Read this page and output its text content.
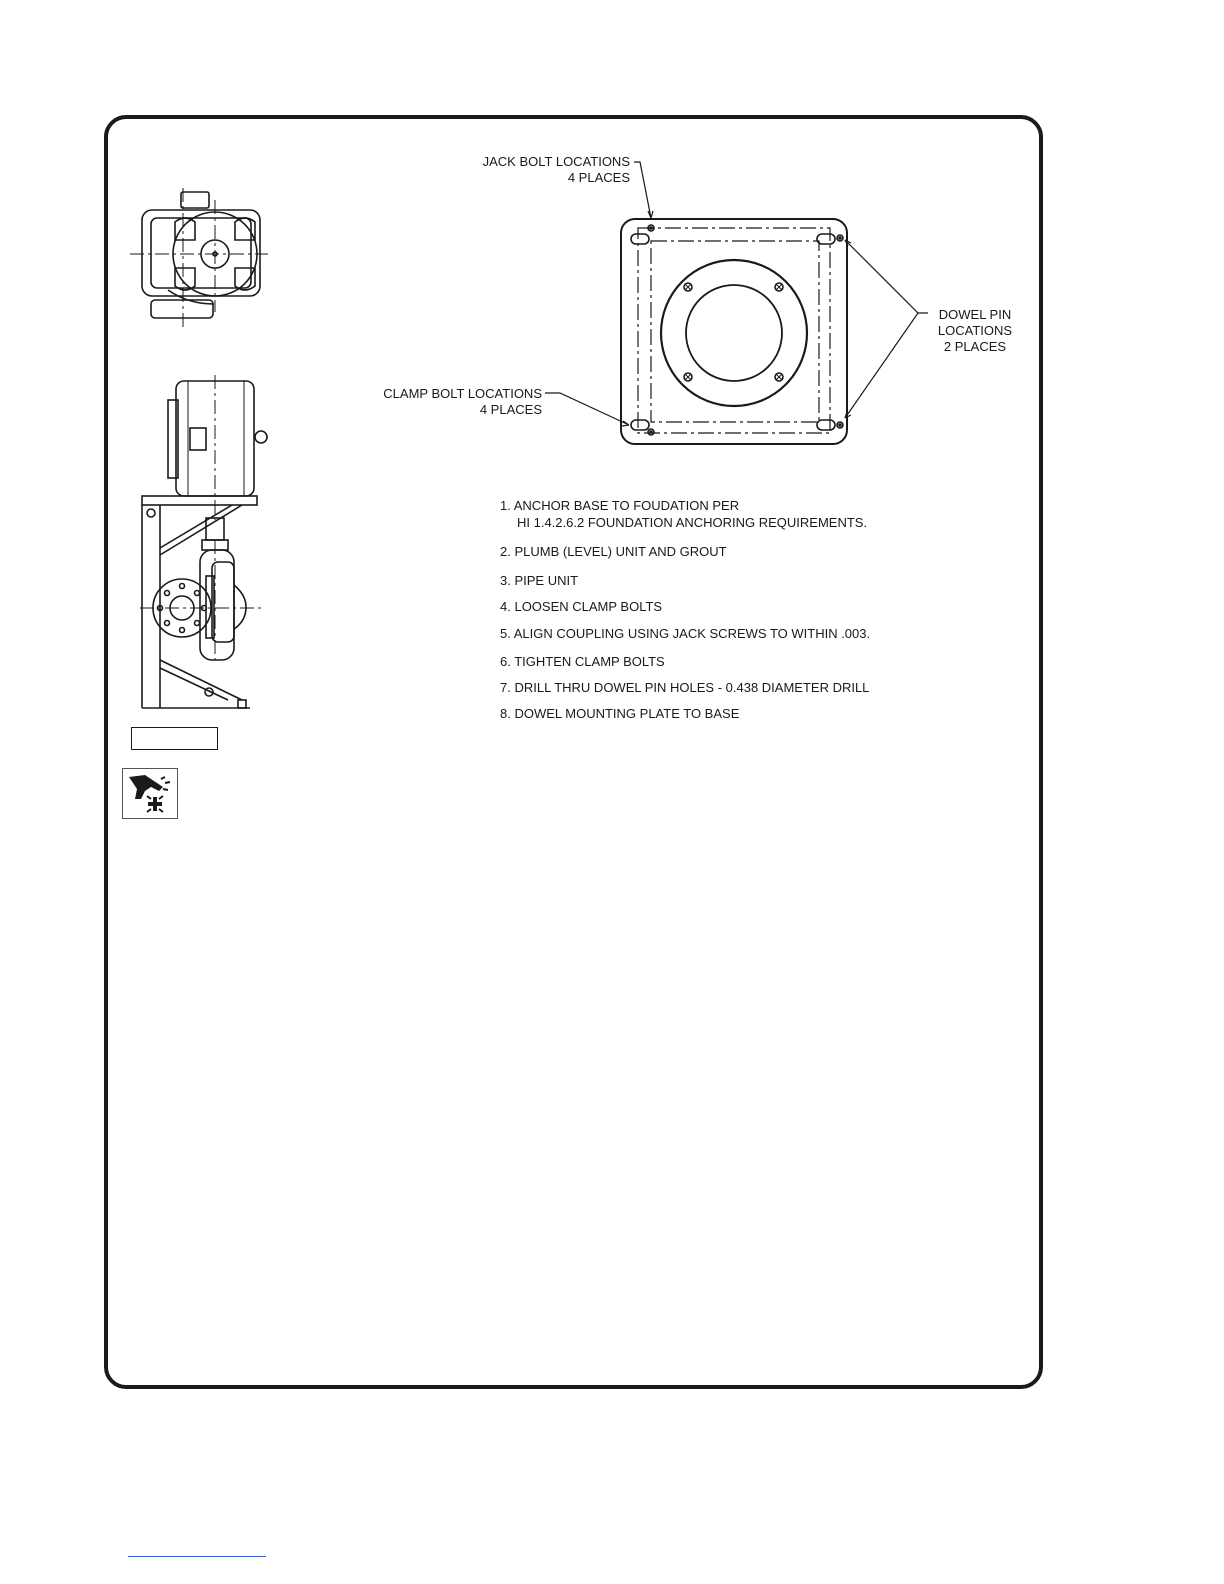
JACK BOLT LOCATIONS
4 PLACES
CLAMP BOLT LOCATIONS
4 PLACES
DOWEL PIN
LOCATIONS
2 PLACES
1. ANCHOR BASE TO FOUDATION PER
HI 1.4.2.6.2 FOUNDATION ANCHORING REQUIREMENTS.
2. PLUMB (LEVEL) UNIT AND GROUT
3. PIPE UNIT
4. LOOSEN CLAMP BOLTS
5. ALIGN COUPLING USING JACK SCREWS TO WITHIN .003.
6. TIGHTEN CLAMP BOLTS
7. DRILL THRU DOWEL PIN HOLES - 0.438 DIAMETER DRILL
8. DOWEL MOUNTING PLATE TO BASE
